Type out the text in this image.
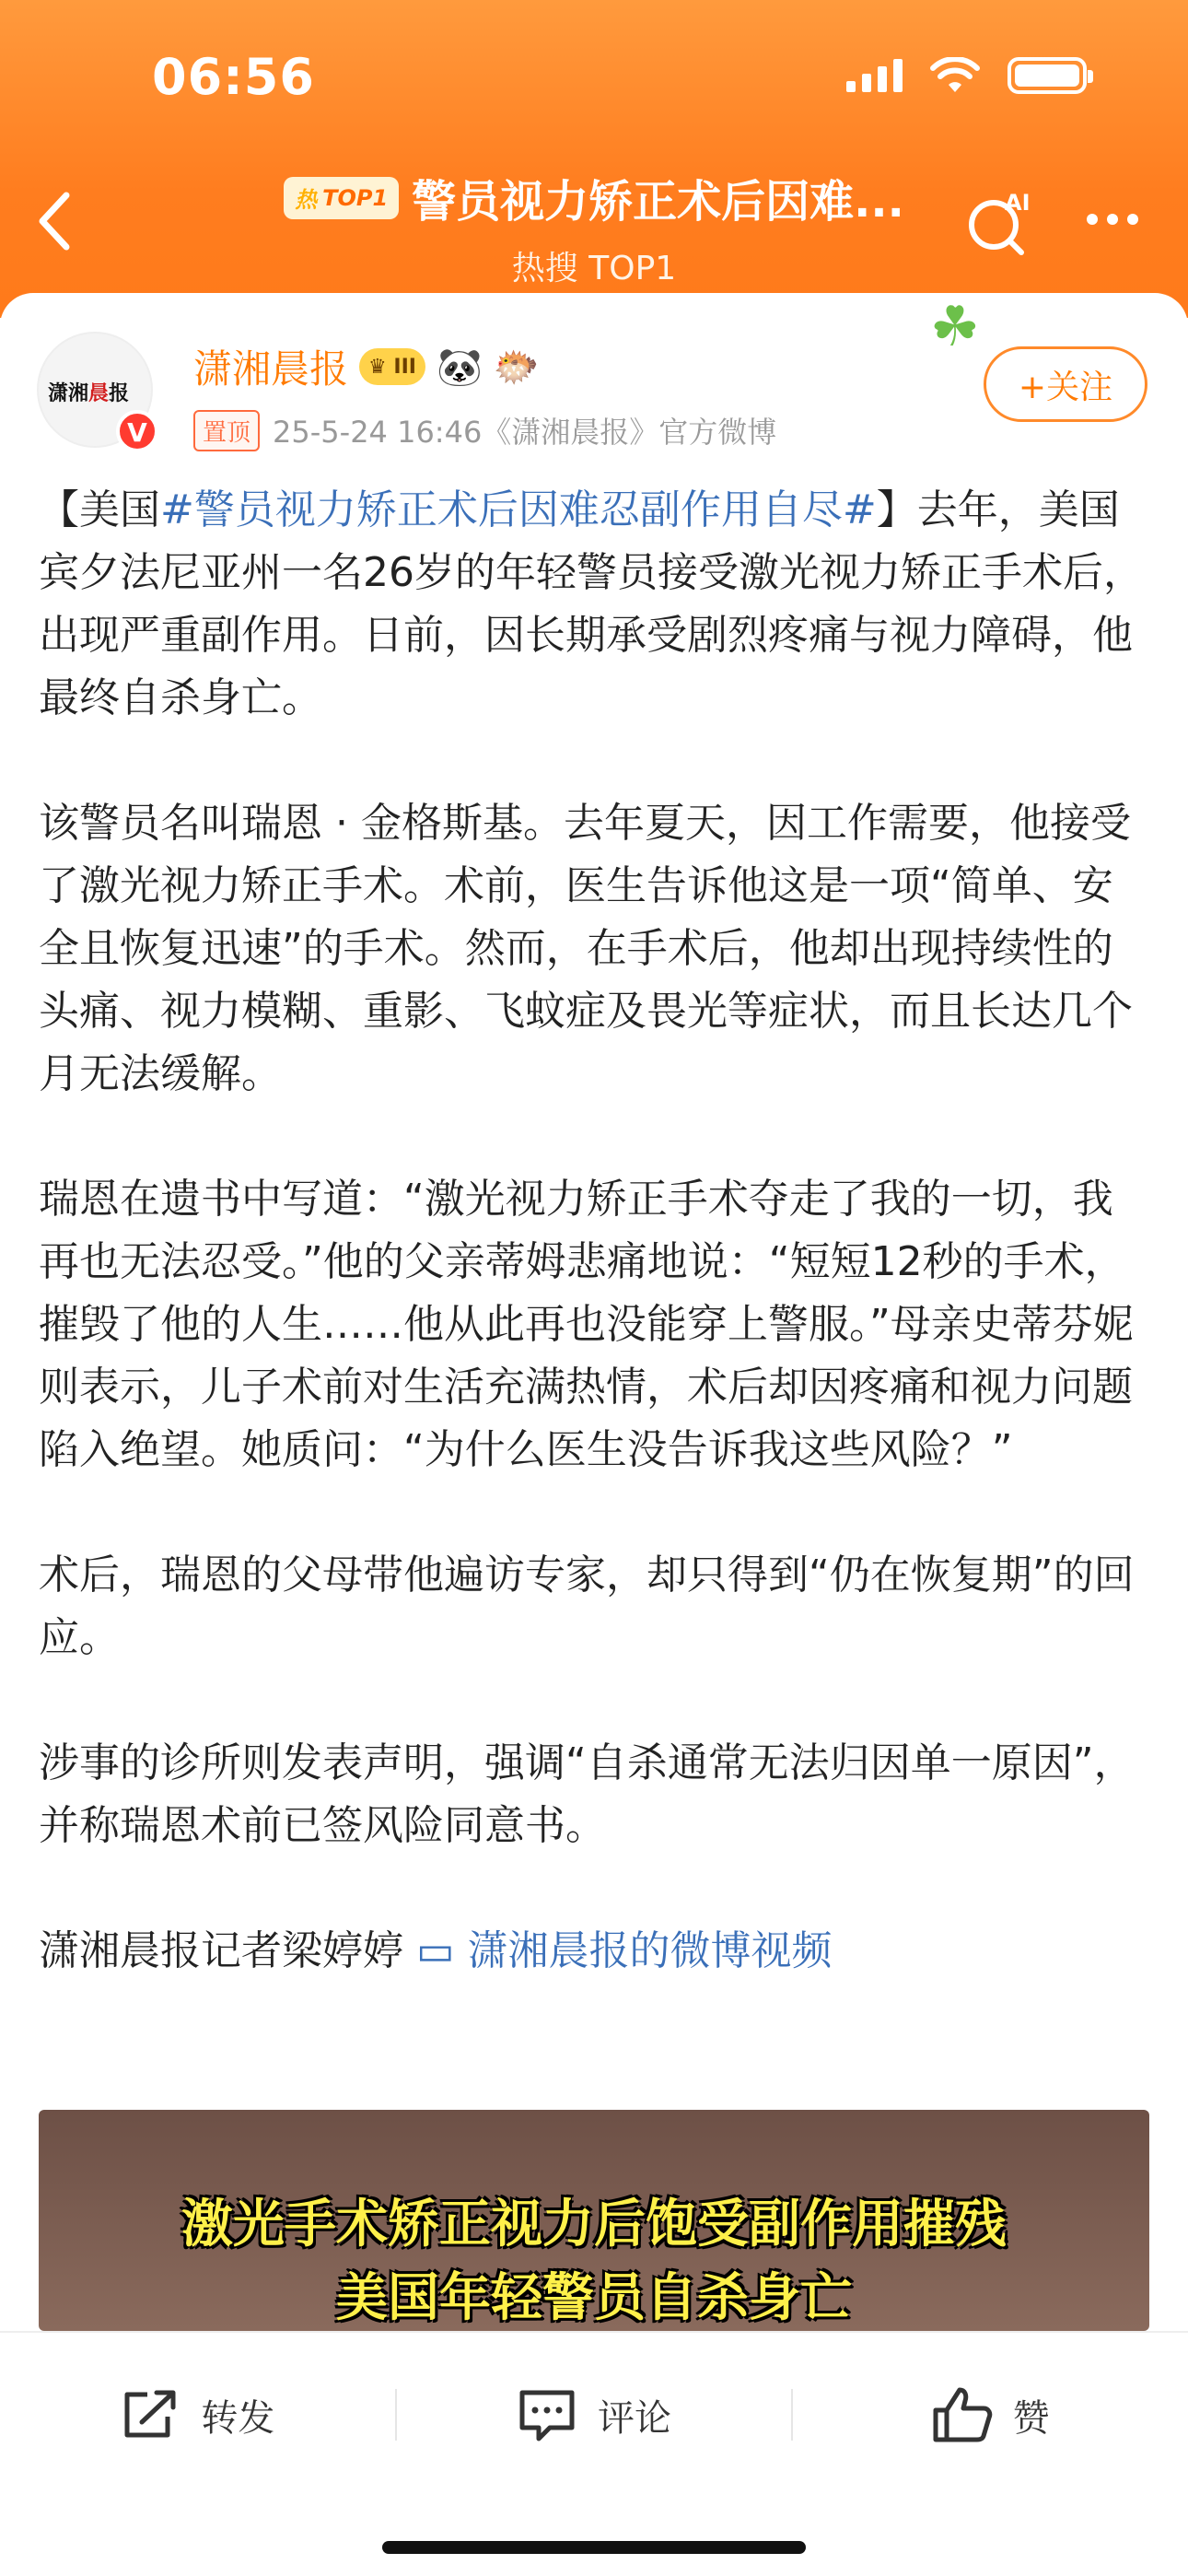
06:56
热 TOP1 警员视力矫正术后因难...
热搜 TOP1
AI
潇湘晨报
V
潇湘晨报 ♛ III 🐼 🐡
置顶 25-5-24 16:46《潇湘晨报》官方微博
☘
+关注

【美国#警员视力矫正术后因难忍副作用自尽#】去年，美国宾夕法尼亚州一名26岁的年轻警员接受激光视力矫正手术后，出现严重副作用。日前，因长期承受剧烈疼痛与视力障碍，他最终自杀身亡。

该警员名叫瑞恩 · 金格斯基。去年夏天，因工作需要，他接受了激光视力矫正手术。术前，医生告诉他这是一项“简单、安全且恢复迅速”的手术。然而，在手术后，他却出现持续性的头痛、视力模糊、重影、飞蚊症及畏光等症状，而且长达几个月无法缓解。

瑞恩在遗书中写道：“激光视力矫正手术夺走了我的一切，我再也无法忍受。”他的父亲蒂姆悲痛地说：“短短12秒的手术，摧毁了他的人生……他从此再也没能穿上警服。”母亲史蒂芬妮则表示，儿子术前对生活充满热情，术后却因疼痛和视力问题陷入绝望。她质问：“为什么医生没告诉我这些风险？”

术后，瑞恩的父母带他遍访专家，却只得到“仍在恢复期”的回应。

涉事的诊所则发表声明，强调“自杀通常无法归因单一原因”，并称瑞恩术前已签风险同意书。

潇湘晨报记者梁婷婷 ▭ 潇湘晨报的微博视频

激光手术矫正视力后饱受副作用摧残
美国年轻警员自杀身亡
转发	评论	赞
